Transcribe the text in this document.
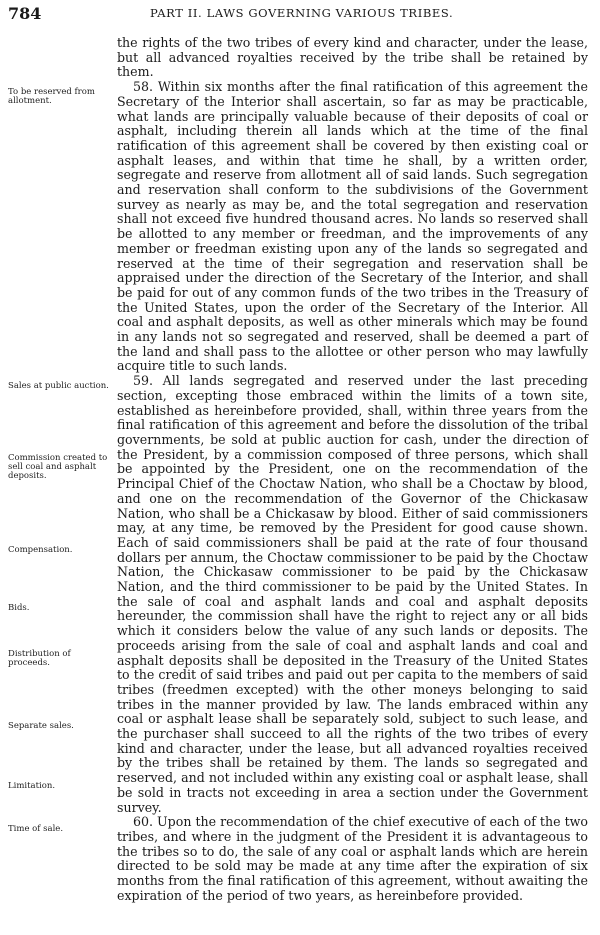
784	PART II. LAWS GOVERNING VARIOUS TRIBES.
To be reserved from allotment.
Sales at public auction.
Commission created to sell coal and asphalt deposits.
Compensation.
Bids.
Distribution of proceeds.
Separate sales.
Limitation.
Time of sale.

the rights of the two tribes of every kind and character, under the lease, but all advanced royalties received by the tribe shall be retained by them.

58. Within six months after the final ratification of this agreement the Secretary of the Interior shall ascertain, so far as may be practicable, what lands are principally valuable because of their deposits of coal or asphalt, including therein all lands which at the time of the final ratification of this agreement shall be covered by then existing coal or asphalt leases, and within that time he shall, by a written order, segregate and reserve from allotment all of said lands. Such segregation and reservation shall conform to the subdivisions of the Government survey as nearly as may be, and the total segregation and reservation shall not exceed five hundred thousand acres. No lands so reserved shall be allotted to any member or freedman, and the improvements of any member or freedman existing upon any of the lands so segregated and reserved at the time of their segregation and reservation shall be appraised under the direction of the Secretary of the Interior, and shall be paid for out of any common funds of the two tribes in the Treasury of the United States, upon the order of the Secretary of the Interior. All coal and asphalt deposits, as well as other minerals which may be found in any lands not so segregated and reserved, shall be deemed a part of the land and shall pass to the allottee or other person who may lawfully acquire title to such lands.

59. All lands segregated and reserved under the last preceding section, excepting those embraced within the limits of a town site, established as hereinbefore provided, shall, within three years from the final ratification of this agreement and before the dissolution of the tribal governments, be sold at public auction for cash, under the direction of the President, by a commission composed of three persons, which shall be appointed by the President, one on the recommendation of the Principal Chief of the Choctaw Nation, who shall be a Choctaw by blood, and one on the recommendation of the Governor of the Chickasaw Nation, who shall be a Chickasaw by blood. Either of said commissioners may, at any time, be removed by the President for good cause shown. Each of said commissioners shall be paid at the rate of four thousand dollars per annum, the Choctaw commissioner to be paid by the Choctaw Nation, the Chickasaw commissioner to be paid by the Chickasaw Nation, and the third commissioner to be paid by the United States. In the sale of coal and asphalt lands and coal and asphalt deposits hereunder, the commission shall have the right to reject any or all bids which it considers below the value of any such lands or deposits. The proceeds arising from the sale of coal and asphalt lands and coal and asphalt deposits shall be deposited in the Treasury of the United States to the credit of said tribes and paid out per capita to the members of said tribes (freedmen excepted) with the other moneys belonging to said tribes in the manner provided by law. The lands embraced within any coal or asphalt lease shall be separately sold, subject to such lease, and the purchaser shall succeed to all the rights of the two tribes of every kind and character, under the lease, but all advanced royalties received by the tribes shall be retained by them. The lands so segregated and reserved, and not included within any existing coal or asphalt lease, shall be sold in tracts not exceeding in area a section under the Government survey.

60. Upon the recommendation of the chief executive of each of the two tribes, and where in the judgment of the President it is advantageous to the tribes so to do, the sale of any coal or asphalt lands which are herein directed to be sold may be made at any time after the expiration of six months from the final ratification of this agreement, without awaiting the expiration of the period of two years, as hereinbefore provided.
